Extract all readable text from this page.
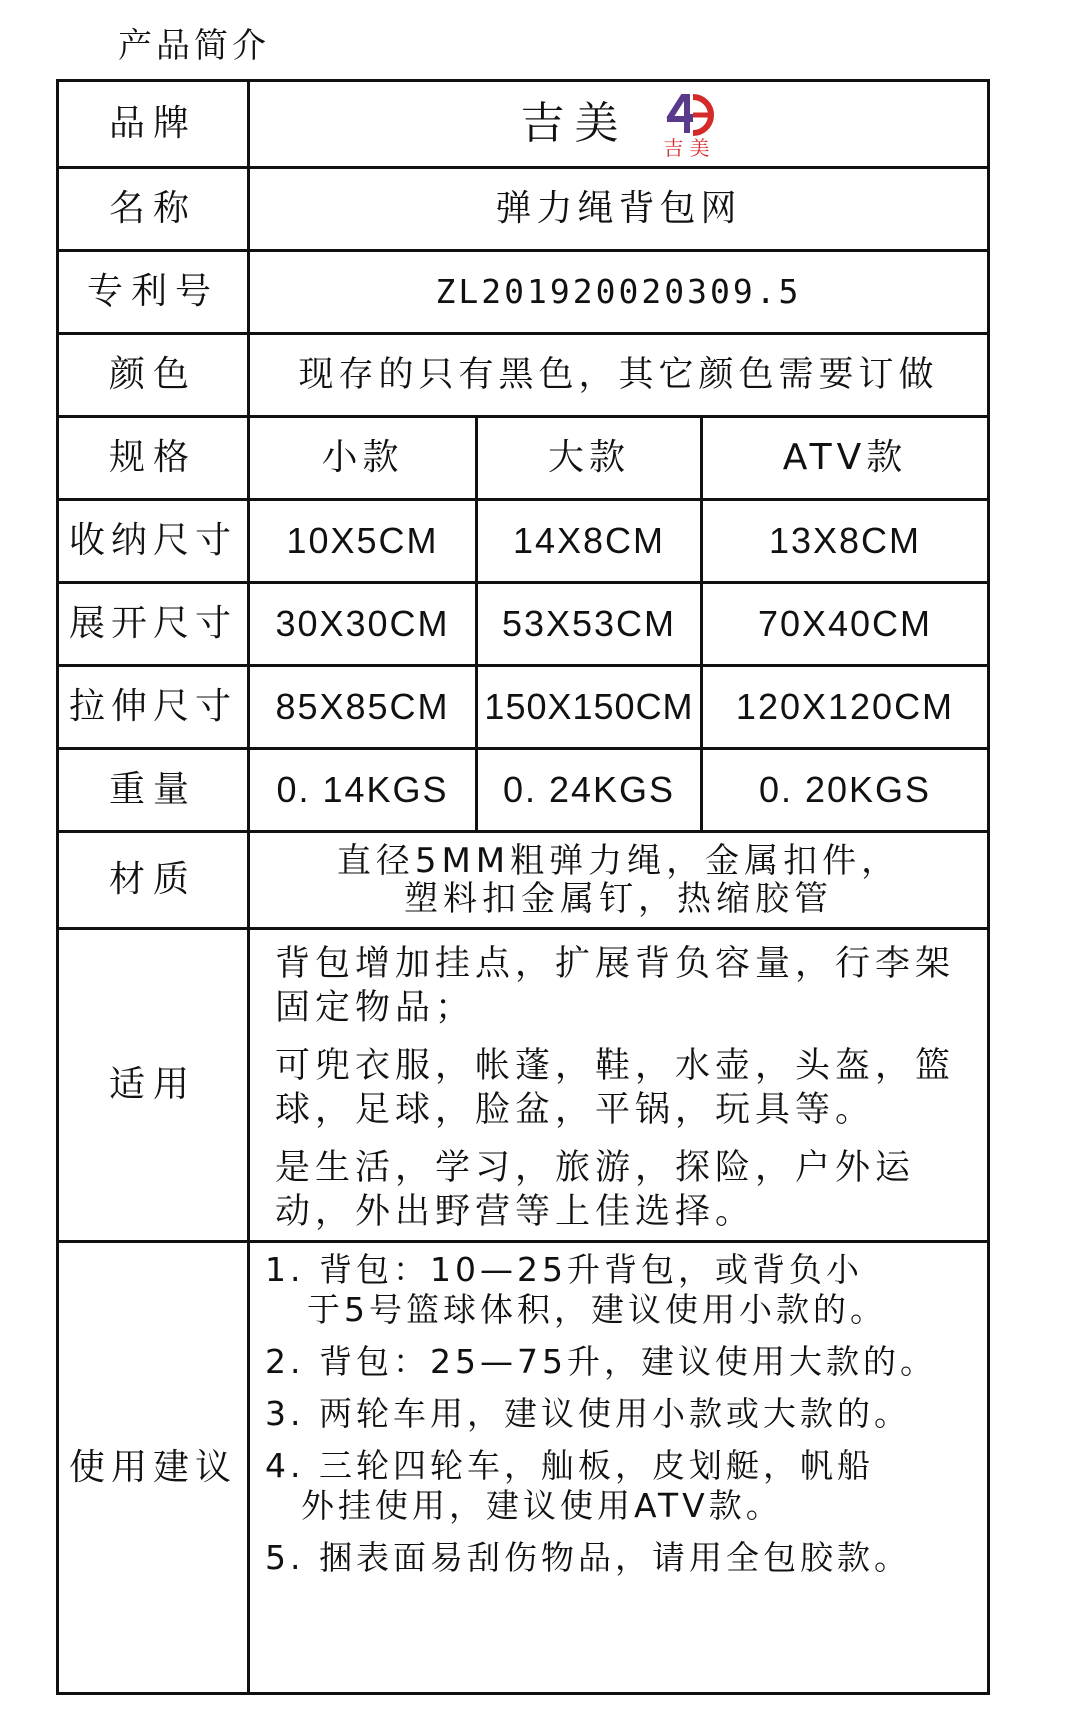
产品简介
品牌	吉美 吉美
名称	弹力绳背包网
专利号	ZL201920020309.5
颜色	现存的只有黑色，其它颜色需要订做
规格	小款	大款	ATV款
收纳尺寸	10X5CM	14X8CM	13X8CM
展开尺寸	30X30CM	53X53CM	70X40CM
拉伸尺寸	85X85CM 150X150CM	120X120CM
重量	0. 14KGS	0. 24KGS	0. 20KGS
材质	直径5MM粗弹力绳，金属扣件，
塑料扣金属钉，热缩胶管
适用
背包增加挂点，扩展背负容量，行李架固定物品；
可兜衣服，帐蓬，鞋，水壶，头盔，篮球，足球，脸盆，平锅，玩具等。
是生活，学习，旅游，探险，户外运动，外出野营等上佳选择。
使用建议
1. 背包：10—25升背包，或背负小
于5号篮球体积，建议使用小款的。
2. 背包：25—75升，建议使用大款的。
3. 两轮车用，建议使用小款或大款的。
4. 三轮四轮车，舢板，皮划艇，帆船
外挂使用，建议使用ATV款。
5. 捆表面易刮伤物品，请用全包胶款。
